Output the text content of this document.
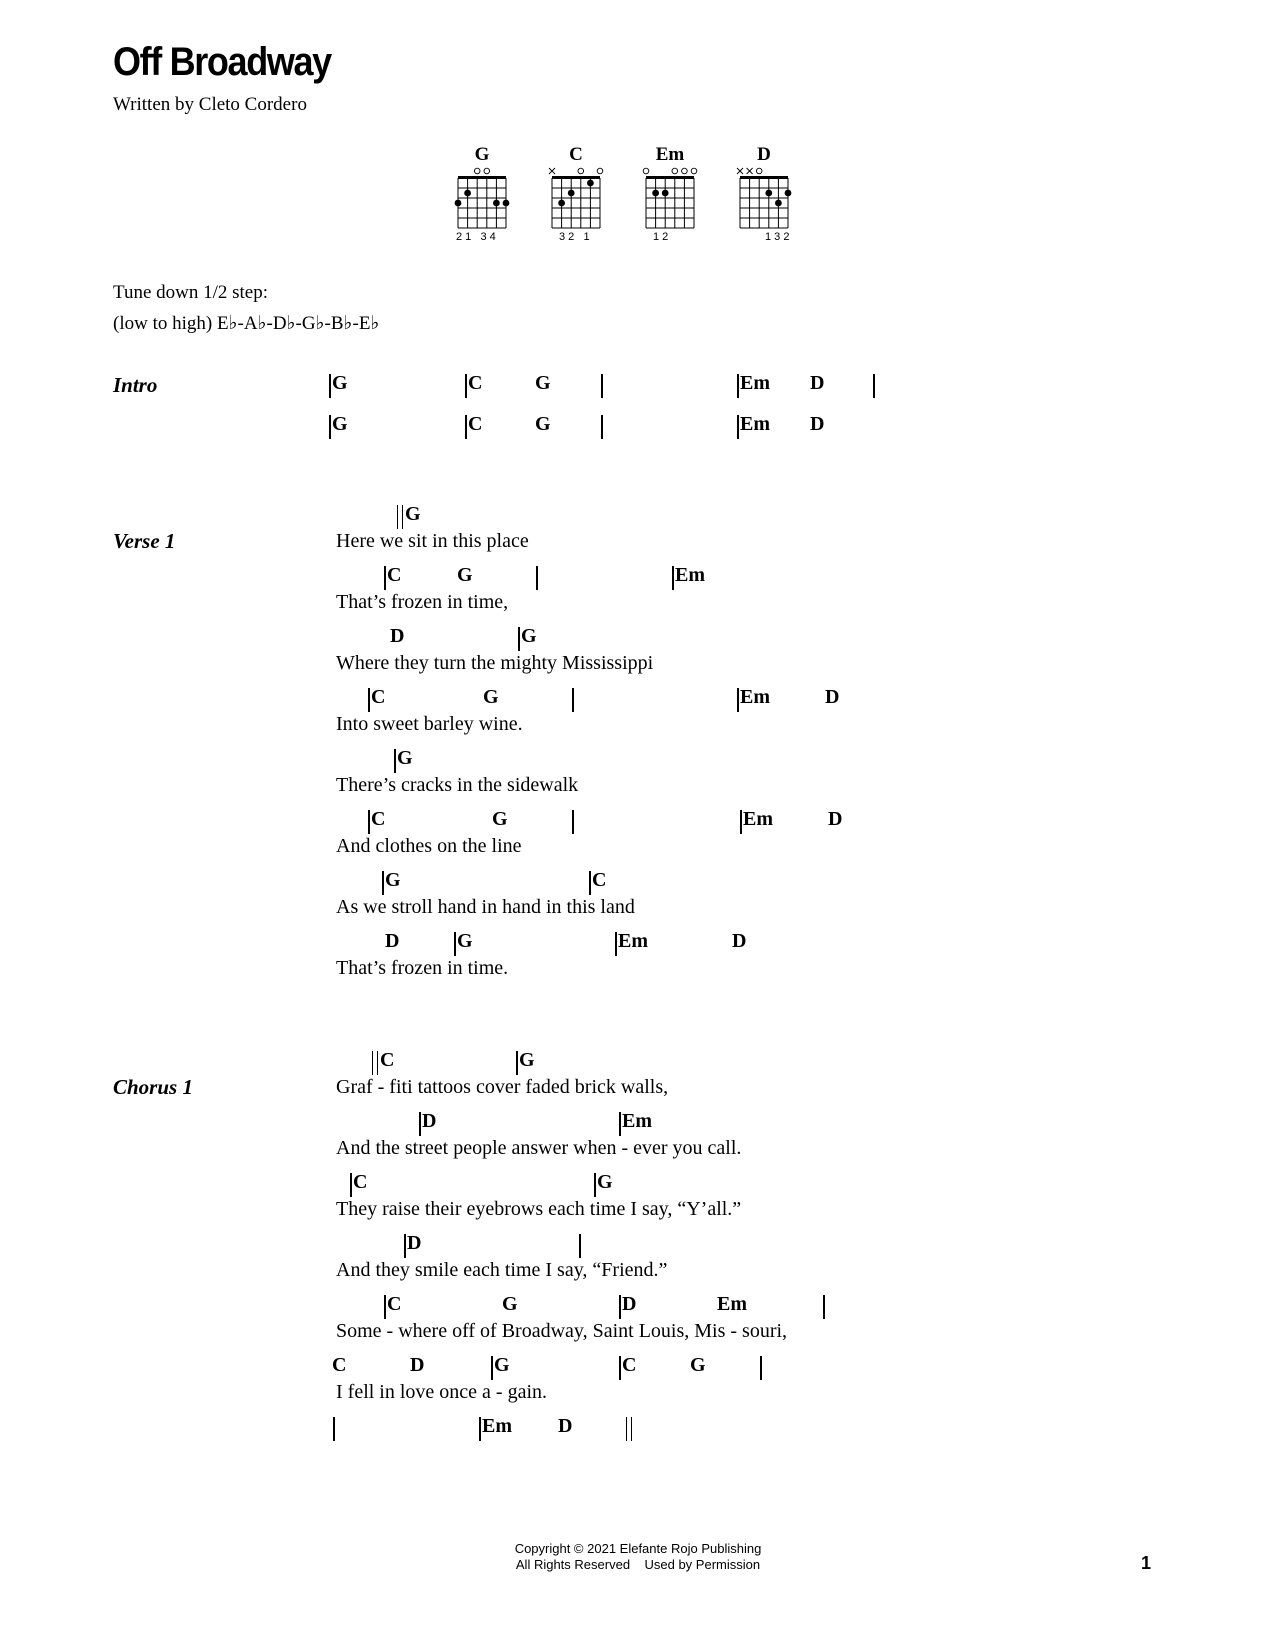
Off Broadway
Written by Cleto Cordero
G
2 1   3 4
C
3 2   1
Em
1 2
D
1 3 2
Tune down 1/2 step:
(low to high) E♭-A♭-D♭-G♭-B♭-E♭
Intro	G	C	G	Em D
G	C	G	Em D
Verse 1
G
Here we sit in this place
C	G	Em
That’s frozen in time,
D	G
Where they turn the mighty Mississippi
C	G	Em	D
Into sweet barley wine.
G
There’s cracks in the sidewalk
C	G	Em	D
And clothes on the line
G	C
As we stroll hand in hand in this land
D	G	Em	D
That’s frozen in time.
Chorus 1
C	G
Graf - fiti tattoos cover faded brick walls,
D	Em
And the street people answer when - ever you call.
C	G
They raise their eyebrows each time I say, “Y’all.”
D
And they smile each time I say, “Friend.”
C	G	D	Em
Some - where off of Broadway, Saint Louis, Mis - souri,
C	D	G	C	G
I fell in love once a - gain.
Em D
Copyright © 2021 Elefante Rojo Publishing
All Rights Reserved    Used by Permission	1
